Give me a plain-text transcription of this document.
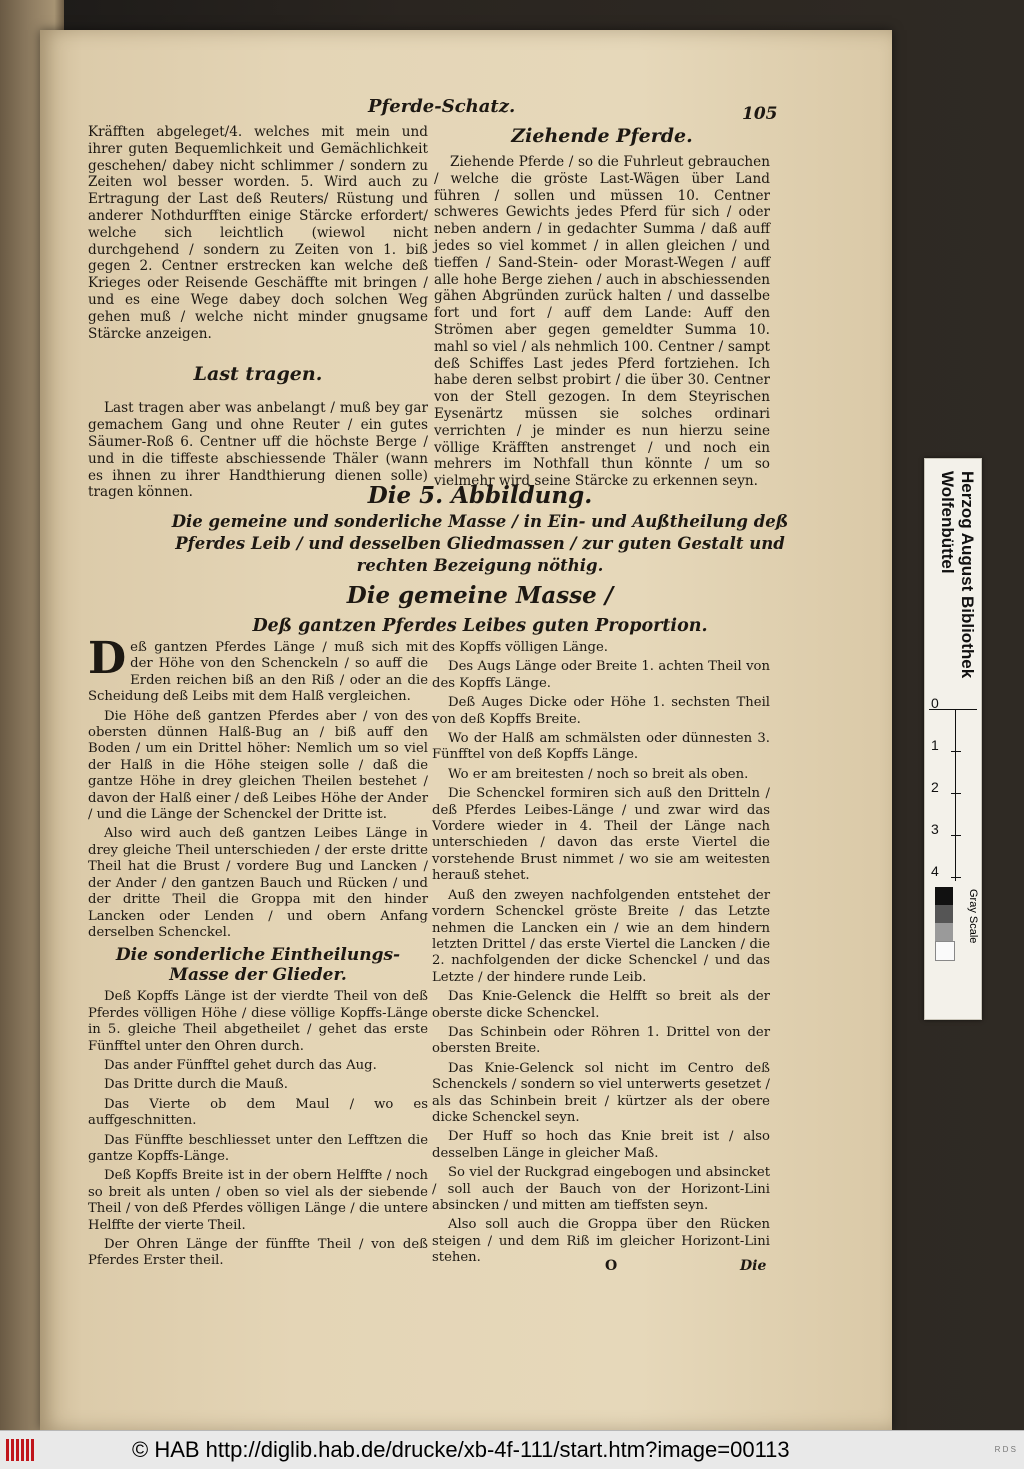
Pferde-Schatz.	105

Kräfften abgeleget/4. welches mit mein und ihrer guten Bequemlichkeit und Gemächlichkeit geschehen/ dabey nicht schlimmer / sondern zu Zeiten wol besser worden. 5. Wird auch zu Ertragung der Last deß Reuters/ Rüstung und anderer Nothdurfften einige Stärcke erfordert/ welche sich leichtlich (wiewol nicht durchgehend / sondern zu Zeiten von 1. biß gegen 2. Centner erstrecken kan welche deß Krieges oder Reisende Geschäffte mit bringen / und es eine Wege dabey doch solchen Weg gehen muß / welche nicht minder gnugsame Stärcke anzeigen.

Last tragen.

Last tragen aber was anbelangt / muß bey gar gemachem Gang und ohne Reuter / ein gutes Säumer-Roß 6. Centner uff die höchste Berge / und in die tiffeste abschiessende Thäler (wann es ihnen zu ihrer Handthierung dienen solle) tragen können.

Ziehende Pferde.

Ziehende Pferde / so die Fuhrleut gebrauchen / welche die gröste Last-Wägen über Land führen / sollen und müssen 10. Centner schweres Gewichts jedes Pferd für sich / oder neben andern / in gedachter Summa / daß auff jedes so viel kommet / in allen gleichen / und tieffen / Sand-Stein- oder Morast-Wegen / auff alle hohe Berge ziehen / auch in abschiessenden gähen Abgründen zurück halten / und dasselbe fort und fort / auff dem Lande: Auff den Strömen aber gegen gemeldter Summa 10. mahl so viel / als nehmlich 100. Centner / sampt deß Schiffes Last jedes Pferd fortziehen. Ich habe deren selbst probirt / die über 30. Centner von der Stell gezogen. In dem Steyrischen Eysenärtz müssen sie solches ordinari verrichten / je minder es nun hierzu seine völlige Kräfften anstrenget / und noch ein mehrers im Nothfall thun könnte / um so vielmehr wird seine Stärcke zu erkennen seyn.

Die 5. Abbildung.
Die gemeine und sonderliche Masse / in Ein- und Außtheilung deß
Pferdes Leib / und desselben Gliedmassen / zur guten Gestalt und
rechten Bezeigung nöthig.
Die gemeine Masse /
Deß gantzen Pferdes Leibes guten Proportion.

Deß gantzen Pferdes Länge / muß sich mit der Höhe von den Schenckeln / so auff die Erden reichen biß an den Riß / oder an die Scheidung deß Leibs mit dem Halß vergleichen.

Die Höhe deß gantzen Pferdes aber / von des obersten dünnen Halß-Bug an / biß auff den Boden / um ein Drittel höher: Nemlich um so viel der Halß in die Höhe steigen solle / daß die gantze Höhe in drey gleichen Theilen bestehet / davon der Halß einer / deß Leibes Höhe der Ander / und die Länge der Schenckel der Dritte ist.

Also wird auch deß gantzen Leibes Länge in drey gleiche Theil unterschieden / der erste dritte Theil hat die Brust / vordere Bug und Lancken / der Ander / den gantzen Bauch und Rücken / und der dritte Theil die Groppa mit den hinder Lancken oder Lenden / und obern Anfang derselben Schenckel.

Die sonderliche Eintheilungs-
Masse der Glieder.

Deß Kopffs Länge ist der vierdte Theil von deß Pferdes völligen Höhe / diese völlige Kopffs-Länge in 5. gleiche Theil abgetheilet / gehet das erste Fünfftel unter den Ohren durch.

Das ander Fünfftel gehet durch das Aug.

Das Dritte durch die Mauß.

Das Vierte ob dem Maul / wo es auffgeschnitten.

Das Fünffte beschliesset unter den Lefftzen die gantze Kopffs-Länge.

Deß Kopffs Breite ist in der obern Helffte / noch so breit als unten / oben so viel als der siebende Theil / von deß Pferdes völligen Länge / die untere Helffte der vierte Theil.

Der Ohren Länge der fünffte Theil / von deß Pferdes Erster theil.

des Kopffs völligen Länge.

Des Augs Länge oder Breite 1. achten Theil von des Kopffs Länge.

Deß Auges Dicke oder Höhe 1. sechsten Theil von deß Kopffs Breite.

Wo der Halß am schmälsten oder dünnesten 3. Fünfftel von deß Kopffs Länge.

Wo er am breitesten / noch so breit als oben.

Die Schenckel formiren sich auß den Dritteln / deß Pferdes Leibes-Länge / und zwar wird das Vordere wieder in 4. Theil der Länge nach unterschieden / davon das erste Viertel die vorstehende Brust nimmet / wo sie am weitesten herauß stehet.

Auß den zweyen nachfolgenden entstehet der vordern Schenckel gröste Breite / das Letzte nehmen die Lancken ein / wie an dem hindern letzten Drittel / das erste Viertel die Lancken / die 2. nachfolgenden der dicke Schenckel / und das Letzte / der hindere runde Leib.

Das Knie-Gelenck die Helfft so breit als der oberste dicke Schenckel.

Das Schinbein oder Röhren 1. Drittel von der obersten Breite.

Das Knie-Gelenck sol nicht im Centro deß Schenckels / sondern so viel unterwerts gesetzet / als das Schinbein breit / kürtzer als der obere dicke Schenckel seyn.

Der Huff so hoch das Knie breit ist / also desselben Länge in gleicher Maß.

So viel der Ruckgrad eingebogen und absincket / soll auch der Bauch von der Horizont-Lini absincken / und mitten am tieffsten seyn.

Also soll auch die Groppa über den Rücken steigen / und dem Riß im gleicher Horizont-Lini stehen.

O	Die
Herzog August Bibliothek
Wolfenbüttel
0
1
2
3
4
Gray Scale
© HAB http://diglib.hab.de/drucke/xb-4f-111/start.htm?image=00113	R D S
